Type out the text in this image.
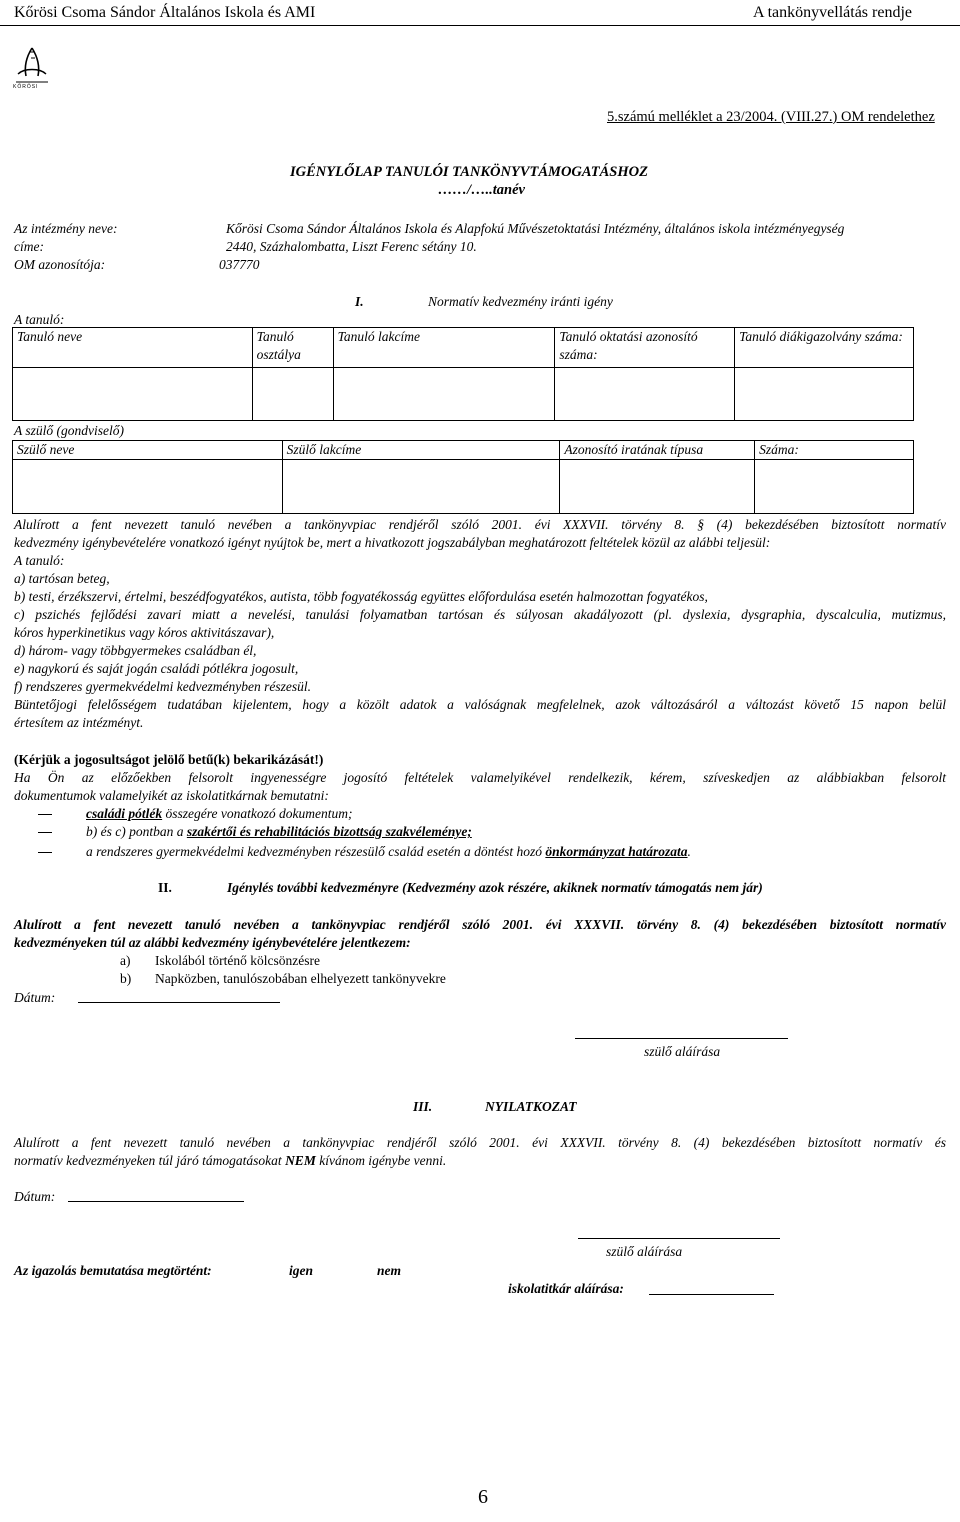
Kőrösi Csoma Sándor Általános Iskola és AMI	A tankönyvellátás rendje
KŐRÖSI
5.számú melléklet a 23/2004. (VIII.27.) OM rendelethez
IGÉNYLŐLAP TANULÓI TANKÖNYVTÁMOGATÁSHOZ
……/…..tanév
Az intézmény neve:	Kőrösi Csoma Sándor Általános Iskola és Alapfokú Művészetoktatási Intézmény, általános iskola intézményegység
címe:	2440, Százhalombatta, Liszt Ferenc sétány 10.
OM azonosítója:	037770
I.	Normatív kedvezmény iránti igény
A tanuló:
Tanuló neve	Tanuló osztálya	Tanuló lakcíme	Tanuló oktatási azonosító száma:	Tanuló diákigazolvány száma:

A szülő (gondviselő)
Szülő neve	Szülő lakcíme	Azonosító iratának típusa	Száma:

Alulírott a fent nevezett tanuló nevében a tankönyvpiac rendjéről szóló 2001. évi XXXVII. törvény 8. § (4) bekezdésében biztosított normatív
kedvezmény igénybevételére vonatkozó igényt nyújtok be, mert a hivatkozott jogszabályban meghatározott feltételek közül az alábbi teljesül:
A tanuló:
a) tartósan beteg,
b) testi, érzékszervi, értelmi, beszédfogyatékos, autista, több fogyatékosság együttes előfordulása esetén halmozottan fogyatékos,
c) pszichés fejlődési zavari miatt a nevelési, tanulási folyamatban tartósan és súlyosan akadályozott (pl. dyslexia, dysgraphia, dyscalculia, mutizmus,
kóros hyperkinetikus vagy kóros aktivitászavar),
d) három- vagy többgyermekes családban él,
e) nagykorú és saját jogán családi pótlékra jogosult,
f) rendszeres gyermekvédelmi kedvezményben részesül.
Büntetőjogi felelősségem tudatában kijelentem, hogy a közölt adatok a valóságnak megfelelnek, azok változásáról a változást követő 15 napon belül
értesítem az intézményt.
(Kérjük a jogosultságot jelölő betű(k) bekarikázását!)
Ha Ön az előzőekben felsorolt ingyenességre jogosító feltételek valamelyikével rendelkezik, kérem, szíveskedjen az alábbiakban felsorolt
dokumentumok valamelyikét az iskolatitkárnak bemutatni:
családi pótlék összegére vonatkozó dokumentum;
b) és c) pontban a szakértői és rehabilitációs bizottság szakvéleménye;
a rendszeres gyermekvédelmi kedvezményben részesülő család esetén a döntést hozó önkormányzat határozata.
II.	Igénylés további kedvezményre (Kedvezmény azok részére, akiknek normatív támogatás nem jár)
Alulírott a fent nevezett tanuló nevében a tankönyvpiac rendjéről szóló 2001. évi XXXVII. törvény 8. (4) bekezdésében biztosított normatív
kedvezményeken túl az alábbi kedvezmény igénybevételére jelentkezem:
a) Iskolából történő kölcsönzésre
b) Napközben, tanulószobában elhelyezett tankönyvekre
Dátum:
szülő aláírása
III.	NYILATKOZAT
Alulírott a fent nevezett tanuló nevében a tankönyvpiac rendjéről szóló 2001. évi XXXVII. törvény 8. (4) bekezdésében biztosított normatív és
normatív kedvezményeken túl járó támogatásokat NEM kívánom igénybe venni.
Dátum:
szülő aláírása
Az igazolás bemutatása megtörtént:	igen	nem
iskolatitkár aláírása:
6
